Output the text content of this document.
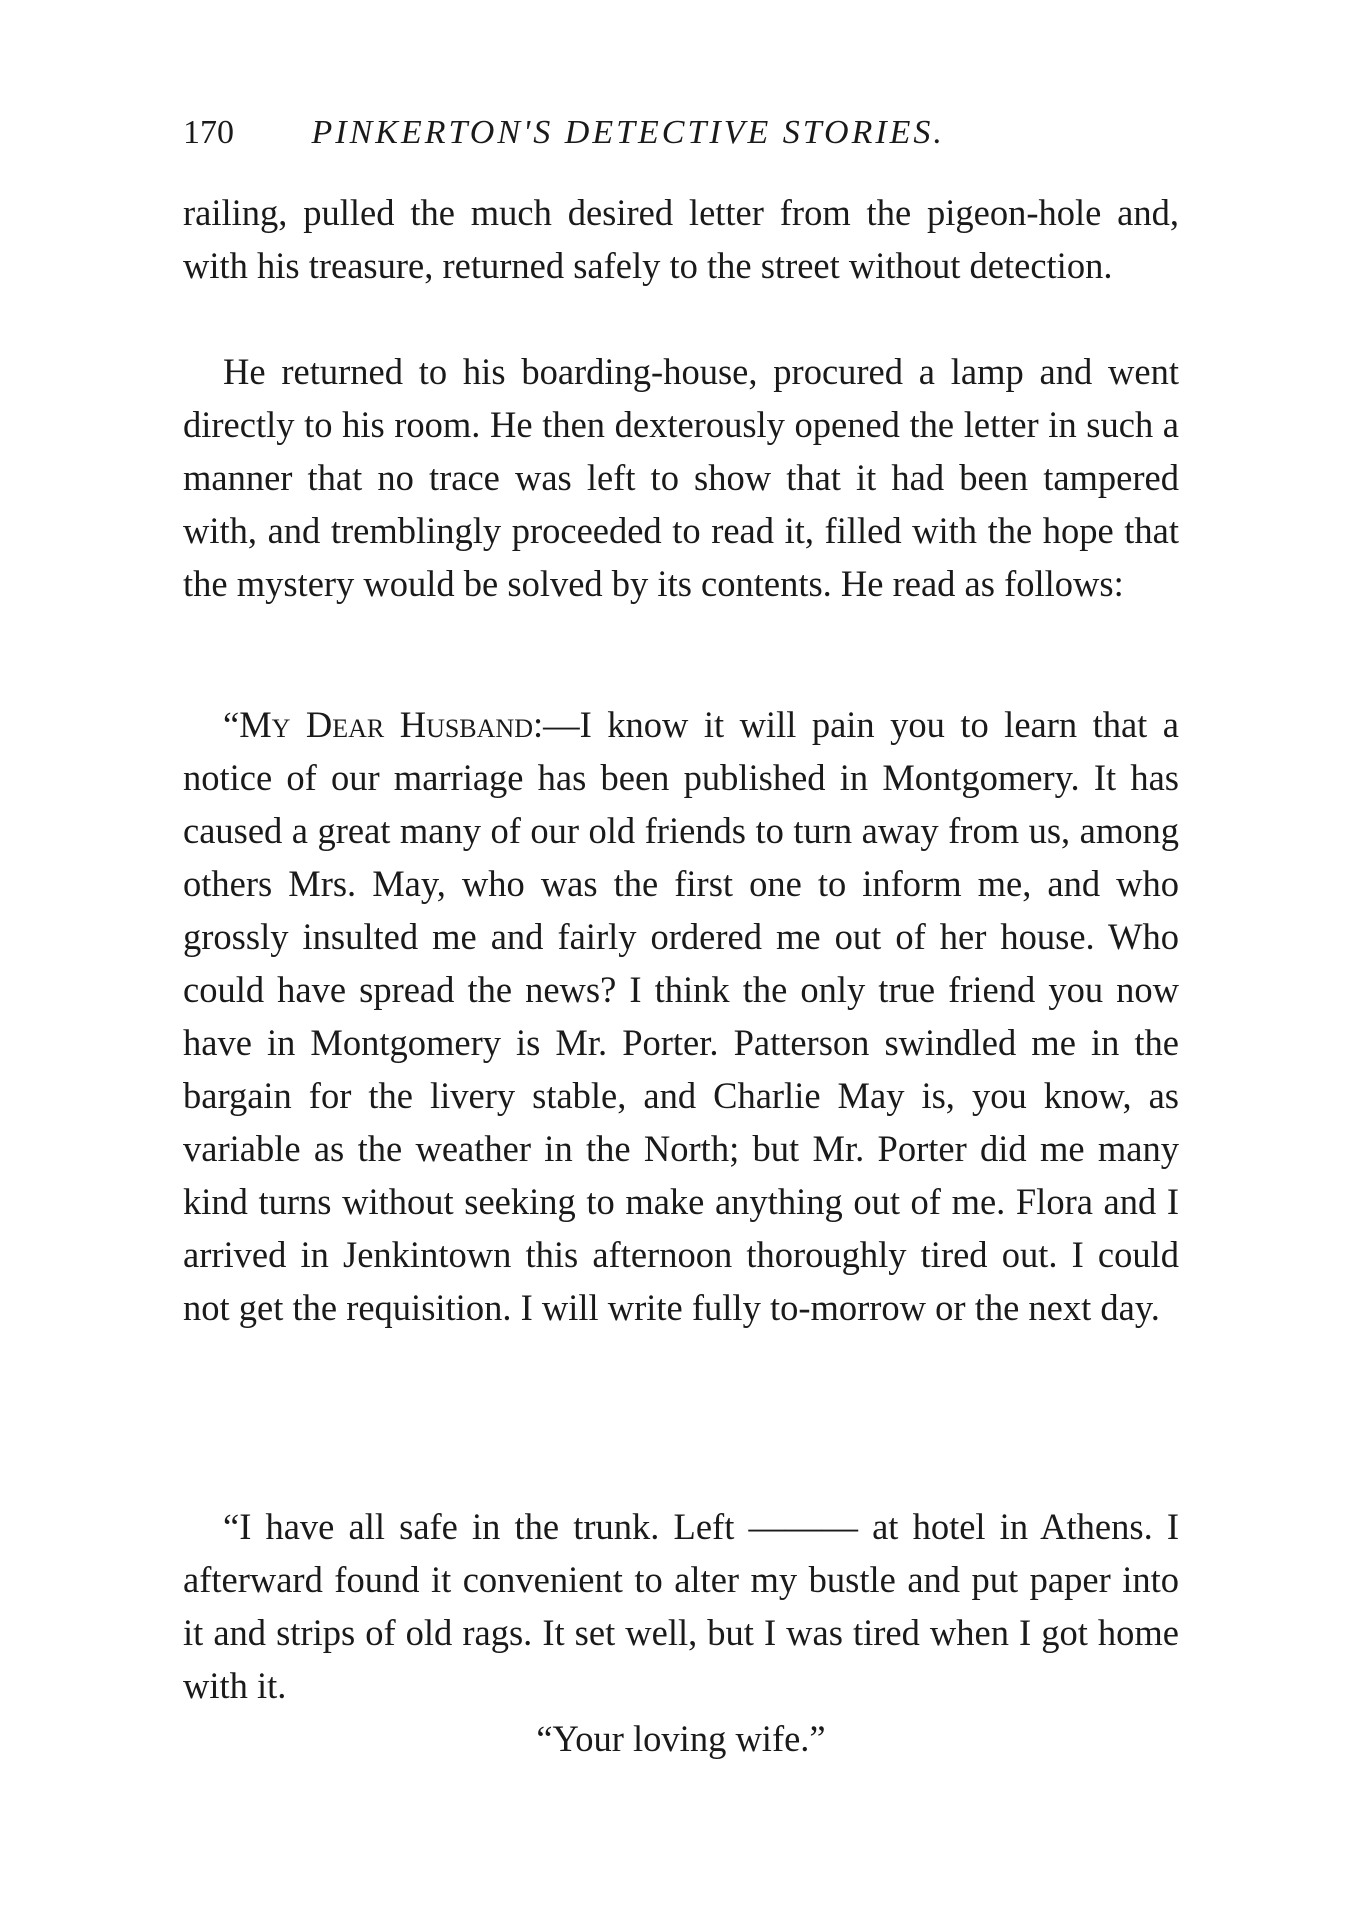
170 PINKERTON'S DETECTIVE STORIES.

railing, pulled the much desired letter from the pigeon-hole and, with his treasure, returned safely to the street without detection.

He returned to his boarding-house, procured a lamp and went directly to his room. He then dexterously opened the letter in such a manner that no trace was left to show that it had been tampered with, and tremblingly proceeded to read it, filled with the hope that the mystery would be solved by its contents. He read as follows:

“My Dear Husband:—I know it will pain you to learn that a notice of our marriage has been published in Montgomery. It has caused a great many of our old friends to turn away from us, among others Mrs. May, who was the first one to inform me, and who grossly insulted me and fairly ordered me out of her house. Who could have spread the news? I think the only true friend you now have in Montgomery is Mr. Porter. Patterson swindled me in the bargain for the livery stable, and Charlie May is, you know, as variable as the weather in the North; but Mr. Porter did me many kind turns without seeking to make anything out of me. Flora and I arrived in Jenkintown this afternoon thoroughly tired out. I could not get the requisition. I will write fully to-morrow or the next day.

“I have all safe in the trunk. Left ——— at hotel in Athens. I afterward found it convenient to alter my bustle and put paper into it and strips of old rags. It set well, but I was tired when I got home with it.

“Your loving wife.”
